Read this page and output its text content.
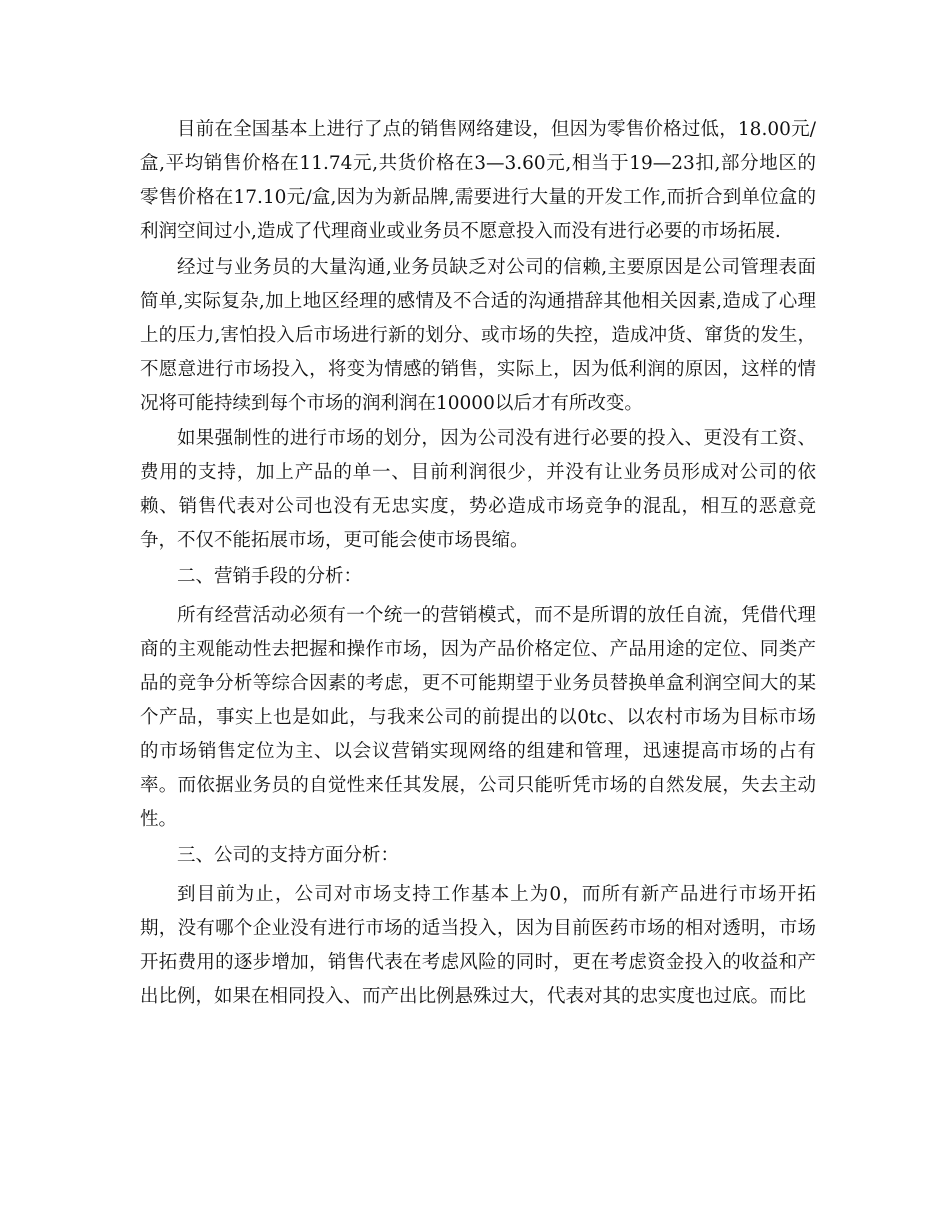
目前在全国基本上进行了点的销售网络建设，但因为零售价格过低，18.00元/盒,平均销售价格在11.74元,共货价格在3—3.60元,相当于19—23扣,部分地区的零售价格在17.10元/盒,因为为新品牌,需要进行大量的开发工作,而折合到单位盒的利润空间过小,造成了代理商业或业务员不愿意投入而没有进行必要的市场拓展.

经过与业务员的大量沟通,业务员缺乏对公司的信赖,主要原因是公司管理表面简单,实际复杂,加上地区经理的感情及不合适的沟通措辞其他相关因素,造成了心理上的压力,害怕投入后市场进行新的划分、或市场的失控，造成冲货、窜货的发生，不愿意进行市场投入，将变为情感的销售，实际上，因为低利润的原因，这样的情况将可能持续到每个市场的润利润在10000以后才有所改变。

如果强制性的进行市场的划分，因为公司没有进行必要的投入、更没有工资、费用的支持，加上产品的单一、目前利润很少，并没有让业务员形成对公司的依赖、销售代表对公司也没有无忠实度，势必造成市场竞争的混乱，相互的恶意竞争，不仅不能拓展市场，更可能会使市场畏缩。

二、营销手段的分析：

所有经营活动必须有一个统一的营销模式，而不是所谓的放任自流，凭借代理商的主观能动性去把握和操作市场，因为产品价格定位、产品用途的定位、同类产品的竞争分析等综合因素的考虑，更不可能期望于业务员替换单盒利润空间大的某个产品，事实上也是如此，与我来公司的前提出的以0tc、以农村市场为目标市场的市场销售定位为主、以会议营销实现网络的组建和管理，迅速提高市场的占有率。而依据业务员的自觉性来任其发展，公司只能听凭市场的自然发展，失去主动性。

三、公司的支持方面分析：

到目前为止，公司对市场支持工作基本上为0，而所有新产品进行市场开拓期，没有哪个企业没有进行市场的适当投入，因为目前医药市场的相对透明，市场开拓费用的逐步增加，销售代表在考虑风险的同时，更在考虑资金投入的收益和产出比例，如果在相同投入、而产出比例悬殊过大，代表对其的忠实度也过底。而比
